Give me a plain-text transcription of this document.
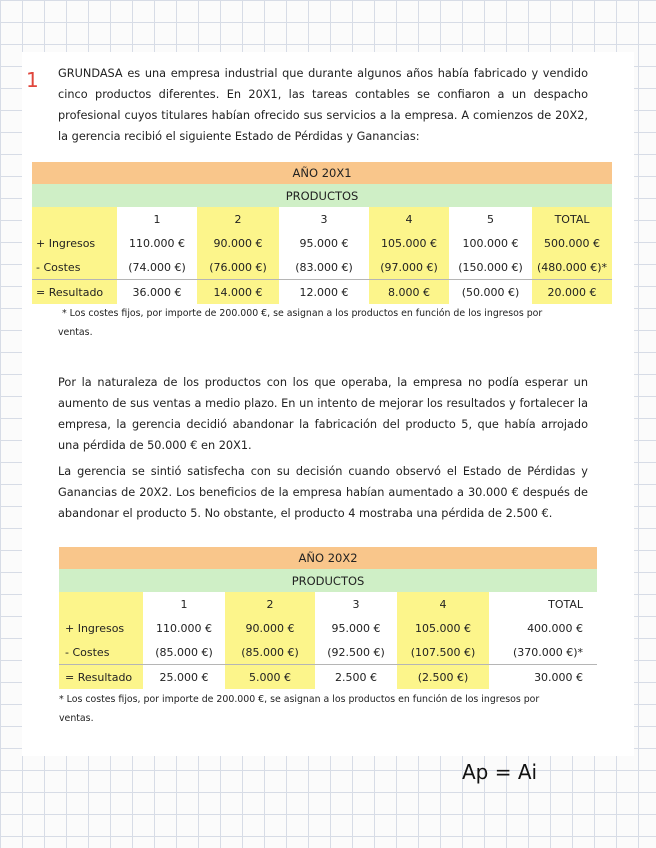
1 GRUNDASA es una empresa industrial que durante algunos años había fabricado y vendido cinco productos diferentes. En 20X1, las tareas contables se confiaron a un despacho profesional cuyos titulares habían ofrecido sus servicios a la empresa. A comienzos de 20X2, la gerencia recibió el siguiente Estado de Pérdidas y Ganancias:

AÑO 20X1						
PRODUCTOS						
	1	2	3	4	5	TOTAL
+ Ingresos	110.000 €	90.000 €	95.000 €	105.000 €	100.000 €	500.000 €
- Costes	(74.000 €)	(76.000 €)	(83.000 €)	(97.000 €)	(150.000 €)	(480.000 €)*
= Resultado	36.000 €	14.000 €	12.000 €	8.000 €	(50.000 €)	20.000 €
* Los costes fijos, por importe de 200.000 €, se asignan a los productos en función de los ingresos por
ventas.

Por la naturaleza de los productos con los que operaba, la empresa no podía esperar un aumento de sus ventas a medio plazo. En un intento de mejorar los resultados y fortalecer la empresa, la gerencia decidió abandonar la fabricación del producto 5, que había arrojado una pérdida de 50.000 € en 20X1.

La gerencia se sintió satisfecha con su decisión cuando observó el Estado de Pérdidas y Ganancias de 20X2. Los beneficios de la empresa habían aumentado a 30.000 € después de abandonar el producto 5. No obstante, el producto 4 mostraba una pérdida de 2.500 €.

AÑO 20X2					
PRODUCTOS					
	1	2	3	4	TOTAL
+ Ingresos	110.000 €	90.000 €	95.000 €	105.000 €	400.000 €
- Costes	(85.000 €)	(85.000 €)	(92.500 €)	(107.500 €)	(370.000 €)*
= Resultado	25.000 €	5.000 €	2.500 €	(2.500 €)	30.000 €
* Los costes fijos, por importe de 200.000 €, se asignan a los productos en función de los ingresos por
ventas.
Ap = Ai
